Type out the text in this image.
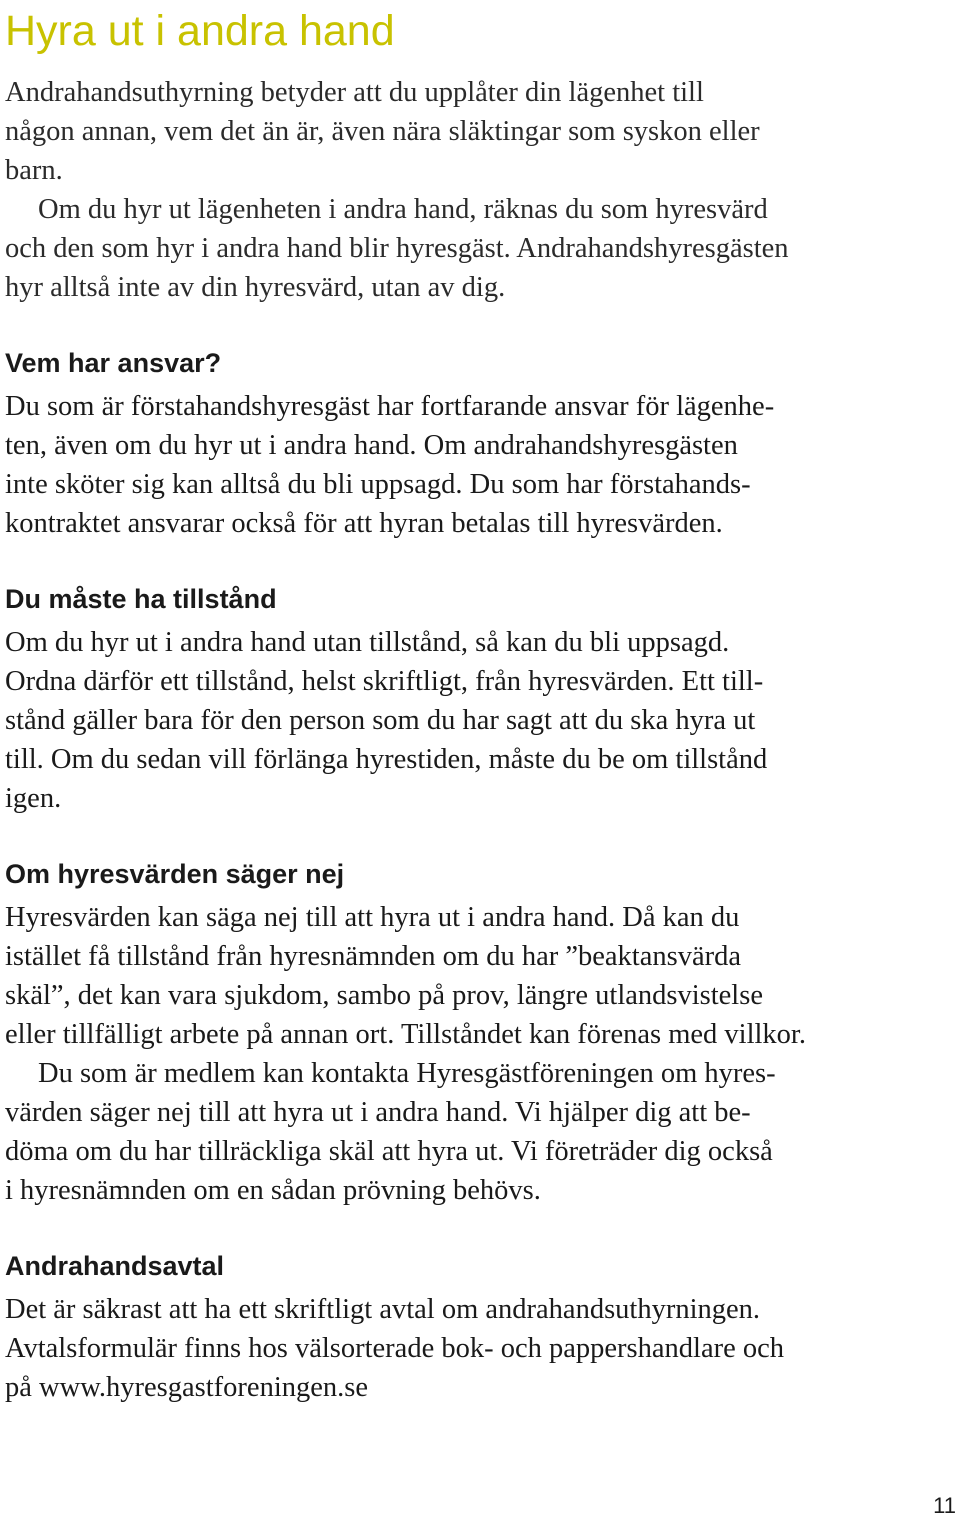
Hyra ut i andra hand
Andrahandsuthyrning betyder att du upplåter din lägenhet till
någon annan, vem det än är, även nära släktingar som syskon eller
barn.
Om du hyr ut lägenheten i andra hand, räknas du som hyresvärd
och den som hyr i andra hand blir hyresgäst. Andrahandshyresgästen
hyr alltså inte av din hyresvärd, utan av dig.
Vem har ansvar?
Du som är förstahandshyresgäst har fortfarande ansvar för lägenhe-
ten, även om du hyr ut i andra hand. Om andrahandshyresgästen
inte sköter sig kan alltså du bli uppsagd. Du som har förstahands-
kontraktet ansvarar också för att hyran betalas till hyresvärden.
Du måste ha tillstånd
Om du hyr ut i andra hand utan tillstånd, så kan du bli uppsagd.
Ordna därför ett tillstånd, helst skriftligt, från hyresvärden. Ett till-
stånd gäller bara för den person som du har sagt att du ska hyra ut
till. Om du sedan vill förlänga hyrestiden, måste du be om tillstånd
igen.
Om hyresvärden säger nej
Hyresvärden kan säga nej till att hyra ut i andra hand. Då kan du
istället få tillstånd från hyresnämnden om du har ”beaktansvärda
skäl”, det kan vara sjukdom, sambo på prov, längre utlandsvistelse
eller tillfälligt arbete på annan ort. Tillståndet kan förenas med villkor.
Du som är medlem kan kontakta Hyresgästföreningen om hyres-
värden säger nej till att hyra ut i andra hand. Vi hjälper dig att be-
döma om du har tillräckliga skäl att hyra ut. Vi företräder dig också
i hyresnämnden om en sådan prövning behövs.
Andrahandsavtal
Det är säkrast att ha ett skriftligt avtal om andrahandsuthyrningen.
Avtalsformulär finns hos välsorterade bok- och pappershandlare och
på www.hyresgastforeningen.se
11
